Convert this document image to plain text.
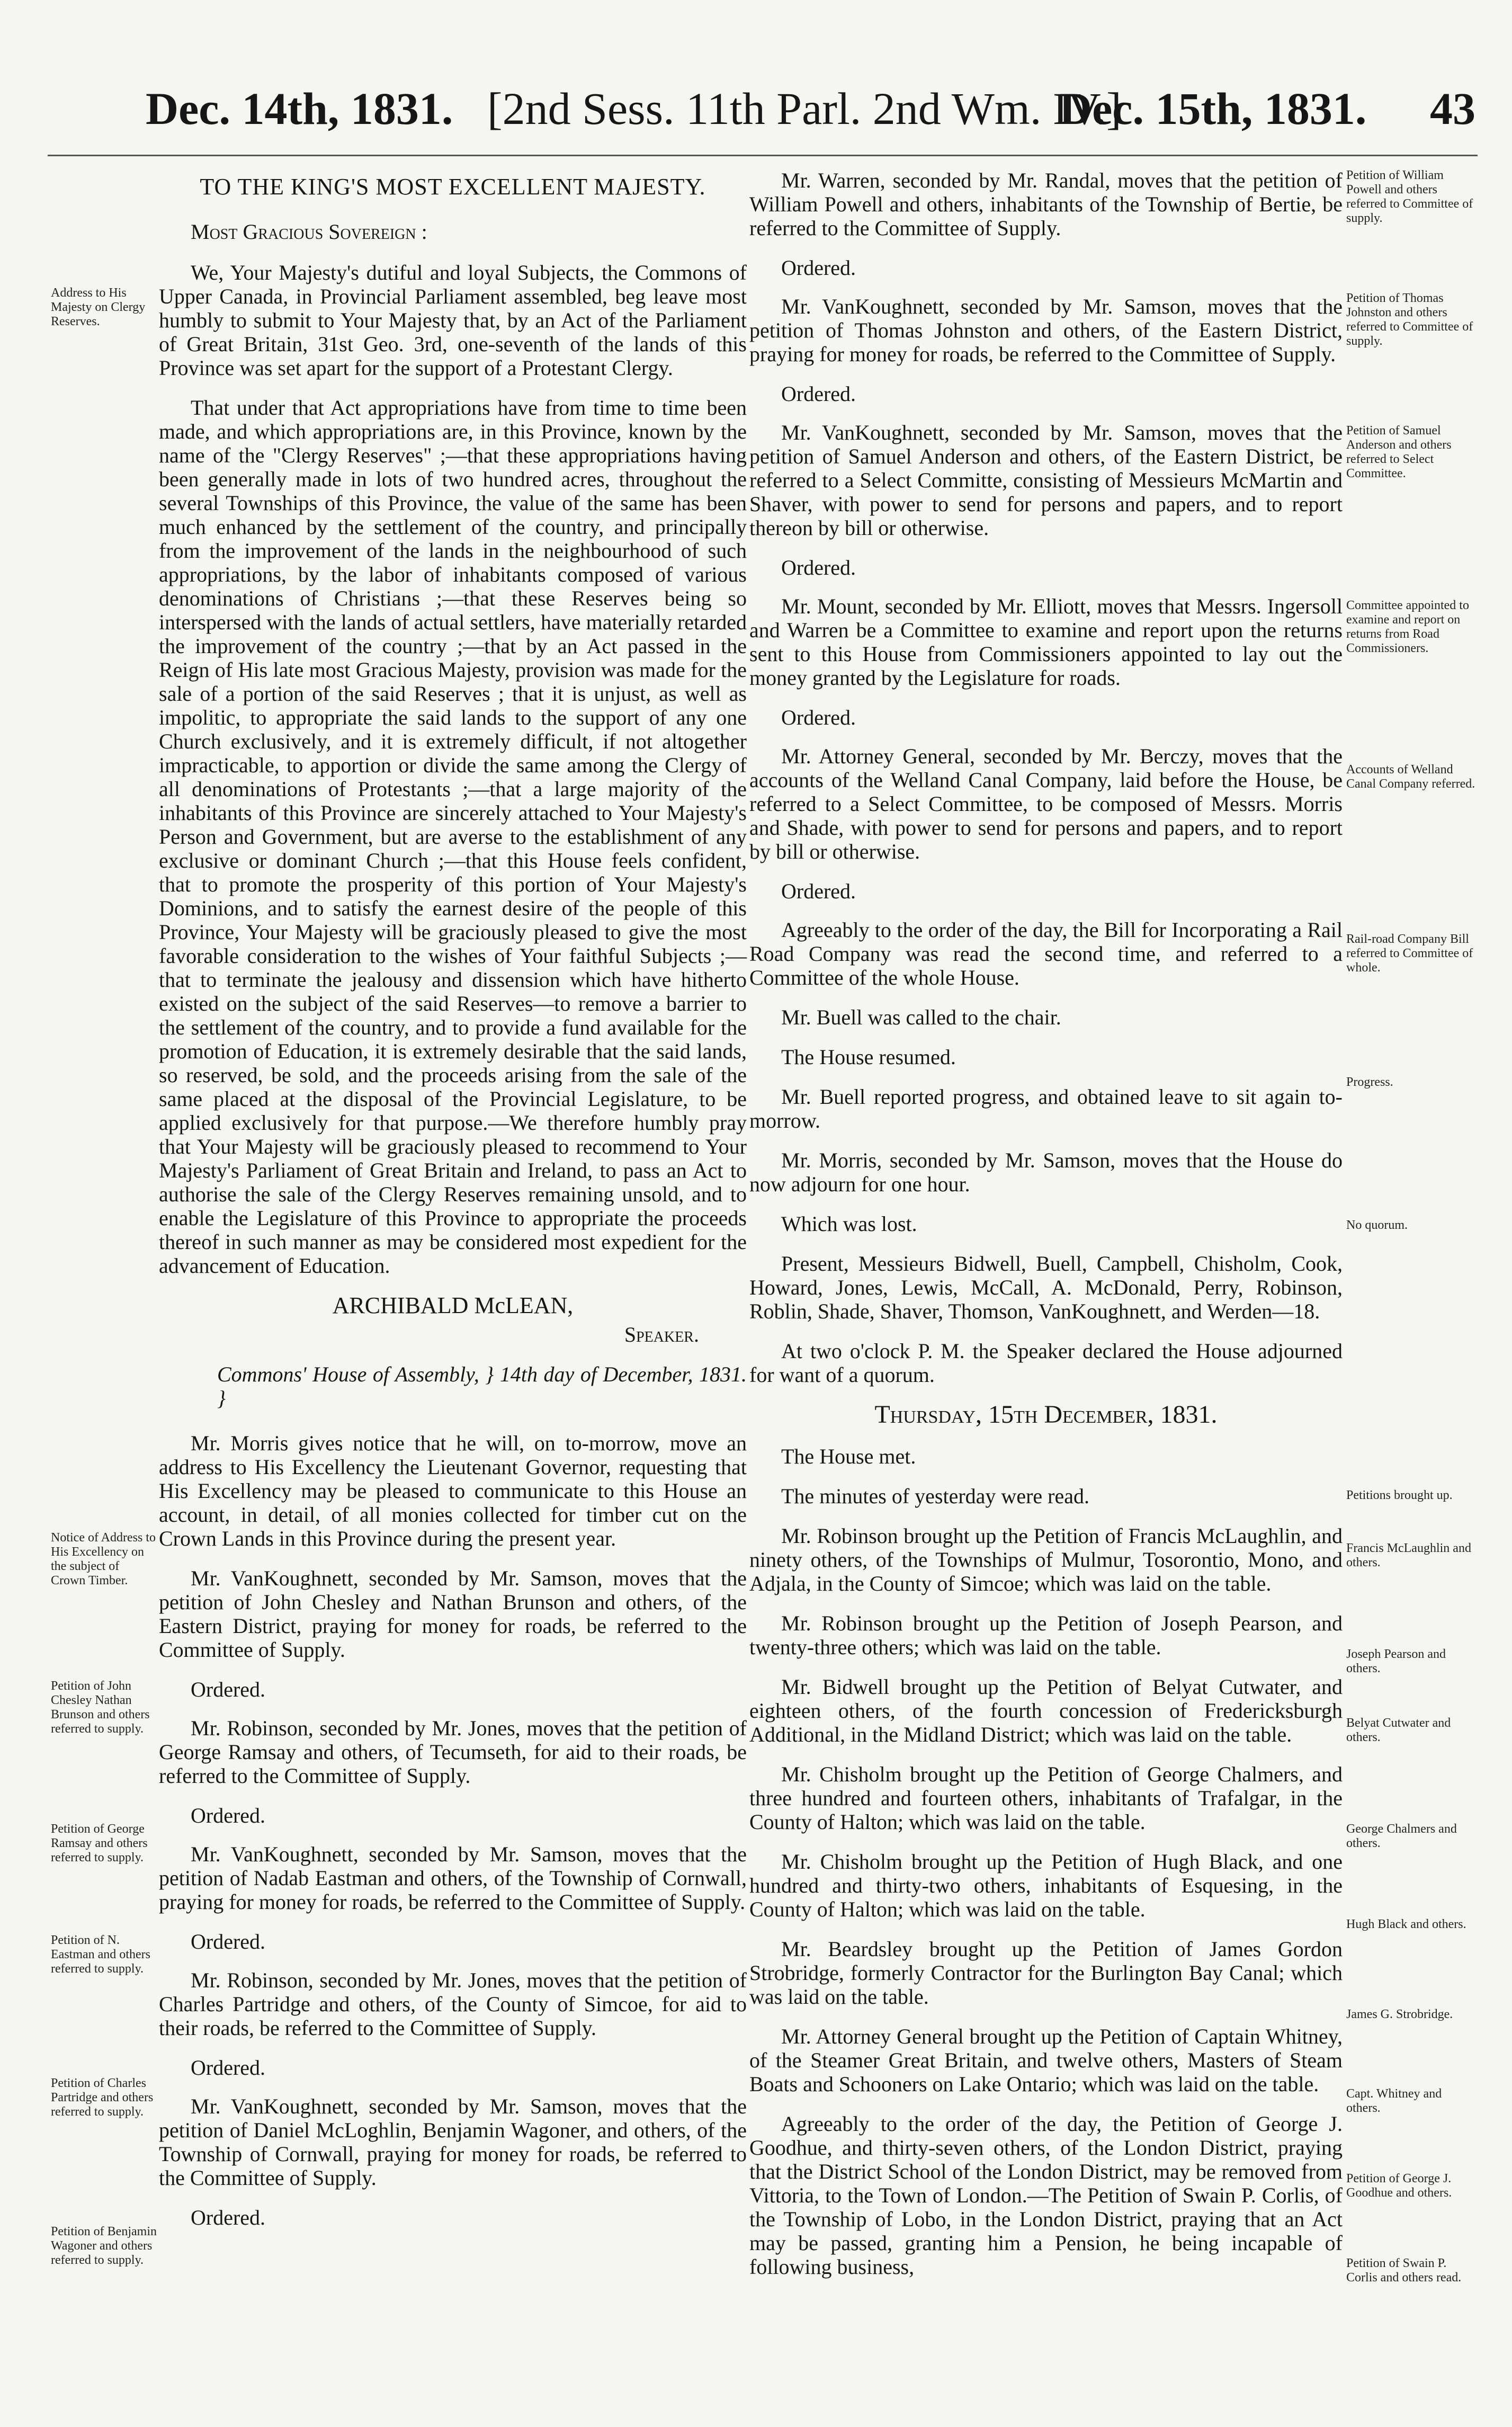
Dec. 14th, 1831. [2nd Sess. 11th Parl. 2nd Wm. IV.]
Dec. 15th, 1831. 43
TO THE KING'S MOST EXCELLENT MAJESTY.

Most Gracious Sovereign :

We, Your Majesty's dutiful and loyal Subjects, the Commons of Upper Canada, in Provincial Parliament assembled, beg leave most humbly to submit to Your Majesty that, by an Act of the Parliament of Great Britain, 31st Geo. 3rd, one-seventh of the lands of this Province was set apart for the support of a Protestant Clergy.

That under that Act appropriations have from time to time been made, and which appropriations are, in this Province, known by the name of the "Clergy Reserves" ;—that these appropriations having been generally made in lots of two hundred acres, throughout the several Townships of this Province, the value of the same has been much enhanced by the settlement of the country, and principally from the improvement of the lands in the neighbourhood of such appropriations, by the labor of inhabitants composed of various denominations of Christians ;—that these Reserves being so interspersed with the lands of actual settlers, have materially retarded the improvement of the country ;—that by an Act passed in the Reign of His late most Gracious Majesty, provision was made for the sale of a portion of the said Reserves ; that it is unjust, as well as impolitic, to appropriate the said lands to the support of any one Church exclusively, and it is extremely difficult, if not altogether impracticable, to apportion or divide the same among the Clergy of all denominations of Protestants ;—that a large majority of the inhabitants of this Province are sincerely attached to Your Majesty's Person and Government, but are averse to the establishment of any exclusive or dominant Church ;—that this House feels confident, that to promote the prosperity of this portion of Your Majesty's Dominions, and to satisfy the earnest desire of the people of this Province, Your Majesty will be graciously pleased to give the most favorable consideration to the wishes of Your faithful Subjects ;—that to terminate the jealousy and dissension which have hitherto existed on the subject of the said Reserves—to remove a barrier to the settlement of the country, and to provide a fund available for the promotion of Education, it is extremely desirable that the said lands, so reserved, be sold, and the proceeds arising from the sale of the same placed at the disposal of the Provincial Legislature, to be applied exclusively for that purpose.—We therefore humbly pray that Your Majesty will be graciously pleased to recommend to Your Majesty's Parliament of Great Britain and Ireland, to pass an Act to authorise the sale of the Clergy Reserves remaining unsold, and to enable the Legislature of this Province to appropriate the proceeds thereof in such manner as may be considered most expedient for the advancement of Education.

ARCHIBALD McLEAN,

Speaker.

Commons' House of Assembly, } 14th day of December, 1831. }

Mr. Morris gives notice that he will, on to-morrow, move an address to His Excellency the Lieutenant Governor, requesting that His Excellency may be pleased to communicate to this House an account, in detail, of all monies collected for timber cut on the Crown Lands in this Province during the present year.

Mr. VanKoughnett, seconded by Mr. Samson, moves that the petition of John Chesley and Nathan Brunson and others, of the Eastern District, praying for money for roads, be referred to the Committee of Supply.

Ordered.

Mr. Robinson, seconded by Mr. Jones, moves that the petition of George Ramsay and others, of Tecumseth, for aid to their roads, be referred to the Committee of Supply.

Ordered.

Mr. VanKoughnett, seconded by Mr. Samson, moves that the petition of Nadab Eastman and others, of the Township of Cornwall, praying for money for roads, be referred to the Committee of Supply.

Ordered.

Mr. Robinson, seconded by Mr. Jones, moves that the petition of Charles Partridge and others, of the County of Simcoe, for aid to their roads, be referred to the Committee of Supply.

Ordered.

Mr. VanKoughnett, seconded by Mr. Samson, moves that the petition of Daniel McLoghlin, Benjamin Wagoner, and others, of the Township of Cornwall, praying for money for roads, be referred to the Committee of Supply.

Ordered.

Address to His Majesty on Clergy Reserves.
Notice of Address to His Excellency on the subject of Crown Timber.
Petition of John Chesley Nathan Brunson and others referred to supply.
Petition of George Ramsay and others referred to supply.
Petition of N. Eastman and others referred to supply.
Petition of Charles Partridge and others referred to supply.
Petition of Benjamin Wagoner and others referred to supply.

Mr. Warren, seconded by Mr. Randal, moves that the petition of William Powell and others, inhabitants of the Township of Bertie, be referred to the Committee of Supply.

Ordered.

Mr. VanKoughnett, seconded by Mr. Samson, moves that the petition of Thomas Johnston and others, of the Eastern District, praying for money for roads, be referred to the Committee of Supply.

Ordered.

Mr. VanKoughnett, seconded by Mr. Samson, moves that the petition of Samuel Anderson and others, of the Eastern District, be referred to a Select Committe, consisting of Messieurs McMartin and Shaver, with power to send for persons and papers, and to report thereon by bill or otherwise.

Ordered.

Mr. Mount, seconded by Mr. Elliott, moves that Messrs. Ingersoll and Warren be a Committee to examine and report upon the returns sent to this House from Commissioners appointed to lay out the money granted by the Legislature for roads.

Ordered.

Mr. Attorney General, seconded by Mr. Berczy, moves that the accounts of the Welland Canal Company, laid before the House, be referred to a Select Committee, to be composed of Messrs. Morris and Shade, with power to send for persons and papers, and to report by bill or otherwise.

Ordered.

Agreeably to the order of the day, the Bill for Incorporating a Rail Road Company was read the second time, and referred to a Committee of the whole House.

Mr. Buell was called to the chair.

The House resumed.

Mr. Buell reported progress, and obtained leave to sit again to-morrow.

Mr. Morris, seconded by Mr. Samson, moves that the House do now adjourn for one hour.

Which was lost.

Present, Messieurs Bidwell, Buell, Campbell, Chisholm, Cook, Howard, Jones, Lewis, McCall, A. McDonald, Perry, Robinson, Roblin, Shade, Shaver, Thomson, VanKoughnett, and Werden—18.

At two o'clock P. M. the Speaker declared the House adjourned for want of a quorum.

Thursday, 15th December, 1831.

The House met.

The minutes of yesterday were read.

Mr. Robinson brought up the Petition of Francis McLaughlin, and ninety others, of the Townships of Mulmur, Tosorontio, Mono, and Adjala, in the County of Simcoe; which was laid on the table.

Mr. Robinson brought up the Petition of Joseph Pearson, and twenty-three others; which was laid on the table.

Mr. Bidwell brought up the Petition of Belyat Cutwater, and eighteen others, of the fourth concession of Fredericksburgh Additional, in the Midland District; which was laid on the table.

Mr. Chisholm brought up the Petition of George Chalmers, and three hundred and fourteen others, inhabitants of Trafalgar, in the County of Halton; which was laid on the table.

Mr. Chisholm brought up the Petition of Hugh Black, and one hundred and thirty-two others, inhabitants of Esquesing, in the County of Halton; which was laid on the table.

Mr. Beardsley brought up the Petition of James Gordon Strobridge, formerly Contractor for the Burlington Bay Canal; which was laid on the table.

Mr. Attorney General brought up the Petition of Captain Whitney, of the Steamer Great Britain, and twelve others, Masters of Steam Boats and Schooners on Lake Ontario; which was laid on the table.

Agreeably to the order of the day, the Petition of George J. Goodhue, and thirty-seven others, of the London District, praying that the District School of the London District, may be removed from Vittoria, to the Town of London.—The Petition of Swain P. Corlis, of the Township of Lobo, in the London District, praying that an Act may be passed, granting him a Pension, he being incapable of following business,

Petition of William Powell and others referred to Committee of supply.
Petition of Thomas Johnston and others referred to Committee of supply.
Petition of Samuel Anderson and others referred to Select Committee.
Committee appointed to examine and report on returns from Road Commissioners.
Accounts of Welland Canal Company referred.
Rail-road Company Bill referred to Committee of whole.
Progress.
No quorum.
Petitions brought up.
Francis McLaughlin and others.
Joseph Pearson and others.
Belyat Cutwater and others.
George Chalmers and others.
Hugh Black and others.
James G. Strobridge.
Capt. Whitney and others.
Petition of George J. Goodhue and others.
Petition of Swain P. Corlis and others read.
